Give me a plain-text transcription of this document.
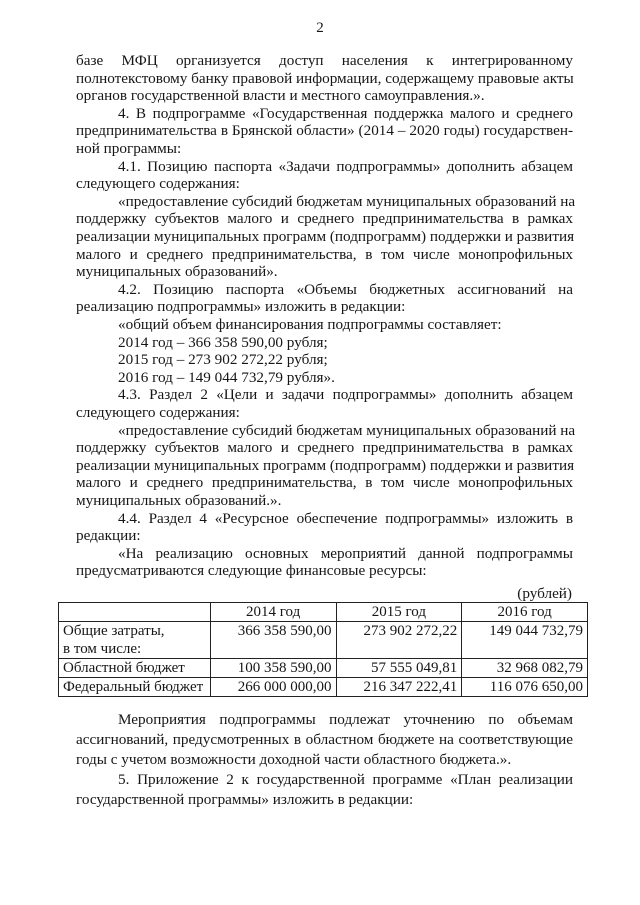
2
базе МФЦ организуется доступ населения к интегрированному
полнотекстовому банку правовой информации, содержащему правовые акты
органов государственной власти и местного самоуправления.».
4. В подпрограмме «Государственная поддержка малого и среднего
предпринимательства в Брянской области» (2014 – 2020 годы) государствен-
ной программы:
4.1. Позицию паспорта «Задачи подпрограммы» дополнить абзацем
следующего содержания:
«предоставление субсидий бюджетам муниципальных образований на
поддержку субъектов малого и среднего предпринимательства в рамках
реализации муниципальных программ (подпрограмм) поддержки и развития
малого и среднего предпринимательства, в том числе монопрофильных
муниципальных образований».
4.2. Позицию паспорта «Объемы бюджетных ассигнований на
реализацию подпрограммы» изложить в редакции:
«общий объем финансирования подпрограммы составляет:
2014 год – 366 358 590,00 рубля;
2015 год – 273 902 272,22 рубля;
2016 год – 149 044 732,79 рубля».
4.3. Раздел 2 «Цели и задачи подпрограммы» дополнить абзацем
следующего содержания:
«предоставление субсидий бюджетам муниципальных образований на
поддержку субъектов малого и среднего предпринимательства в рамках
реализации муниципальных программ (подпрограмм) поддержки и развития
малого и среднего предпринимательства, в том числе монопрофильных
муниципальных образований.».
(рублей)
	2014 год	2015 год	2016 год

Общие затраты,
в том числе:	366 358 590,00	273 902 272,22	149 044 732,79
Областной бюджет	100 358 590,00	57 555 049,81	32 968 082,79
Федеральный бюджет	266 000 000,00	216 347 222,41	116 076 650,00
Мероприятия подпрограммы подлежат уточнению по объемам
ассигнований, предусмотренных в областном бюджете на соответствующие
годы с учетом возможности доходной части областного бюджета.».
5. Приложение 2 к государственной программе «План реализации
государственной программы» изложить в редакции:
4.4. Раздел 4 «Ресурсное обеспечение подпрограммы» изложить в
редакции:
«На реализацию основных мероприятий данной подпрограммы
предусматриваются следующие финансовые ресурсы:
